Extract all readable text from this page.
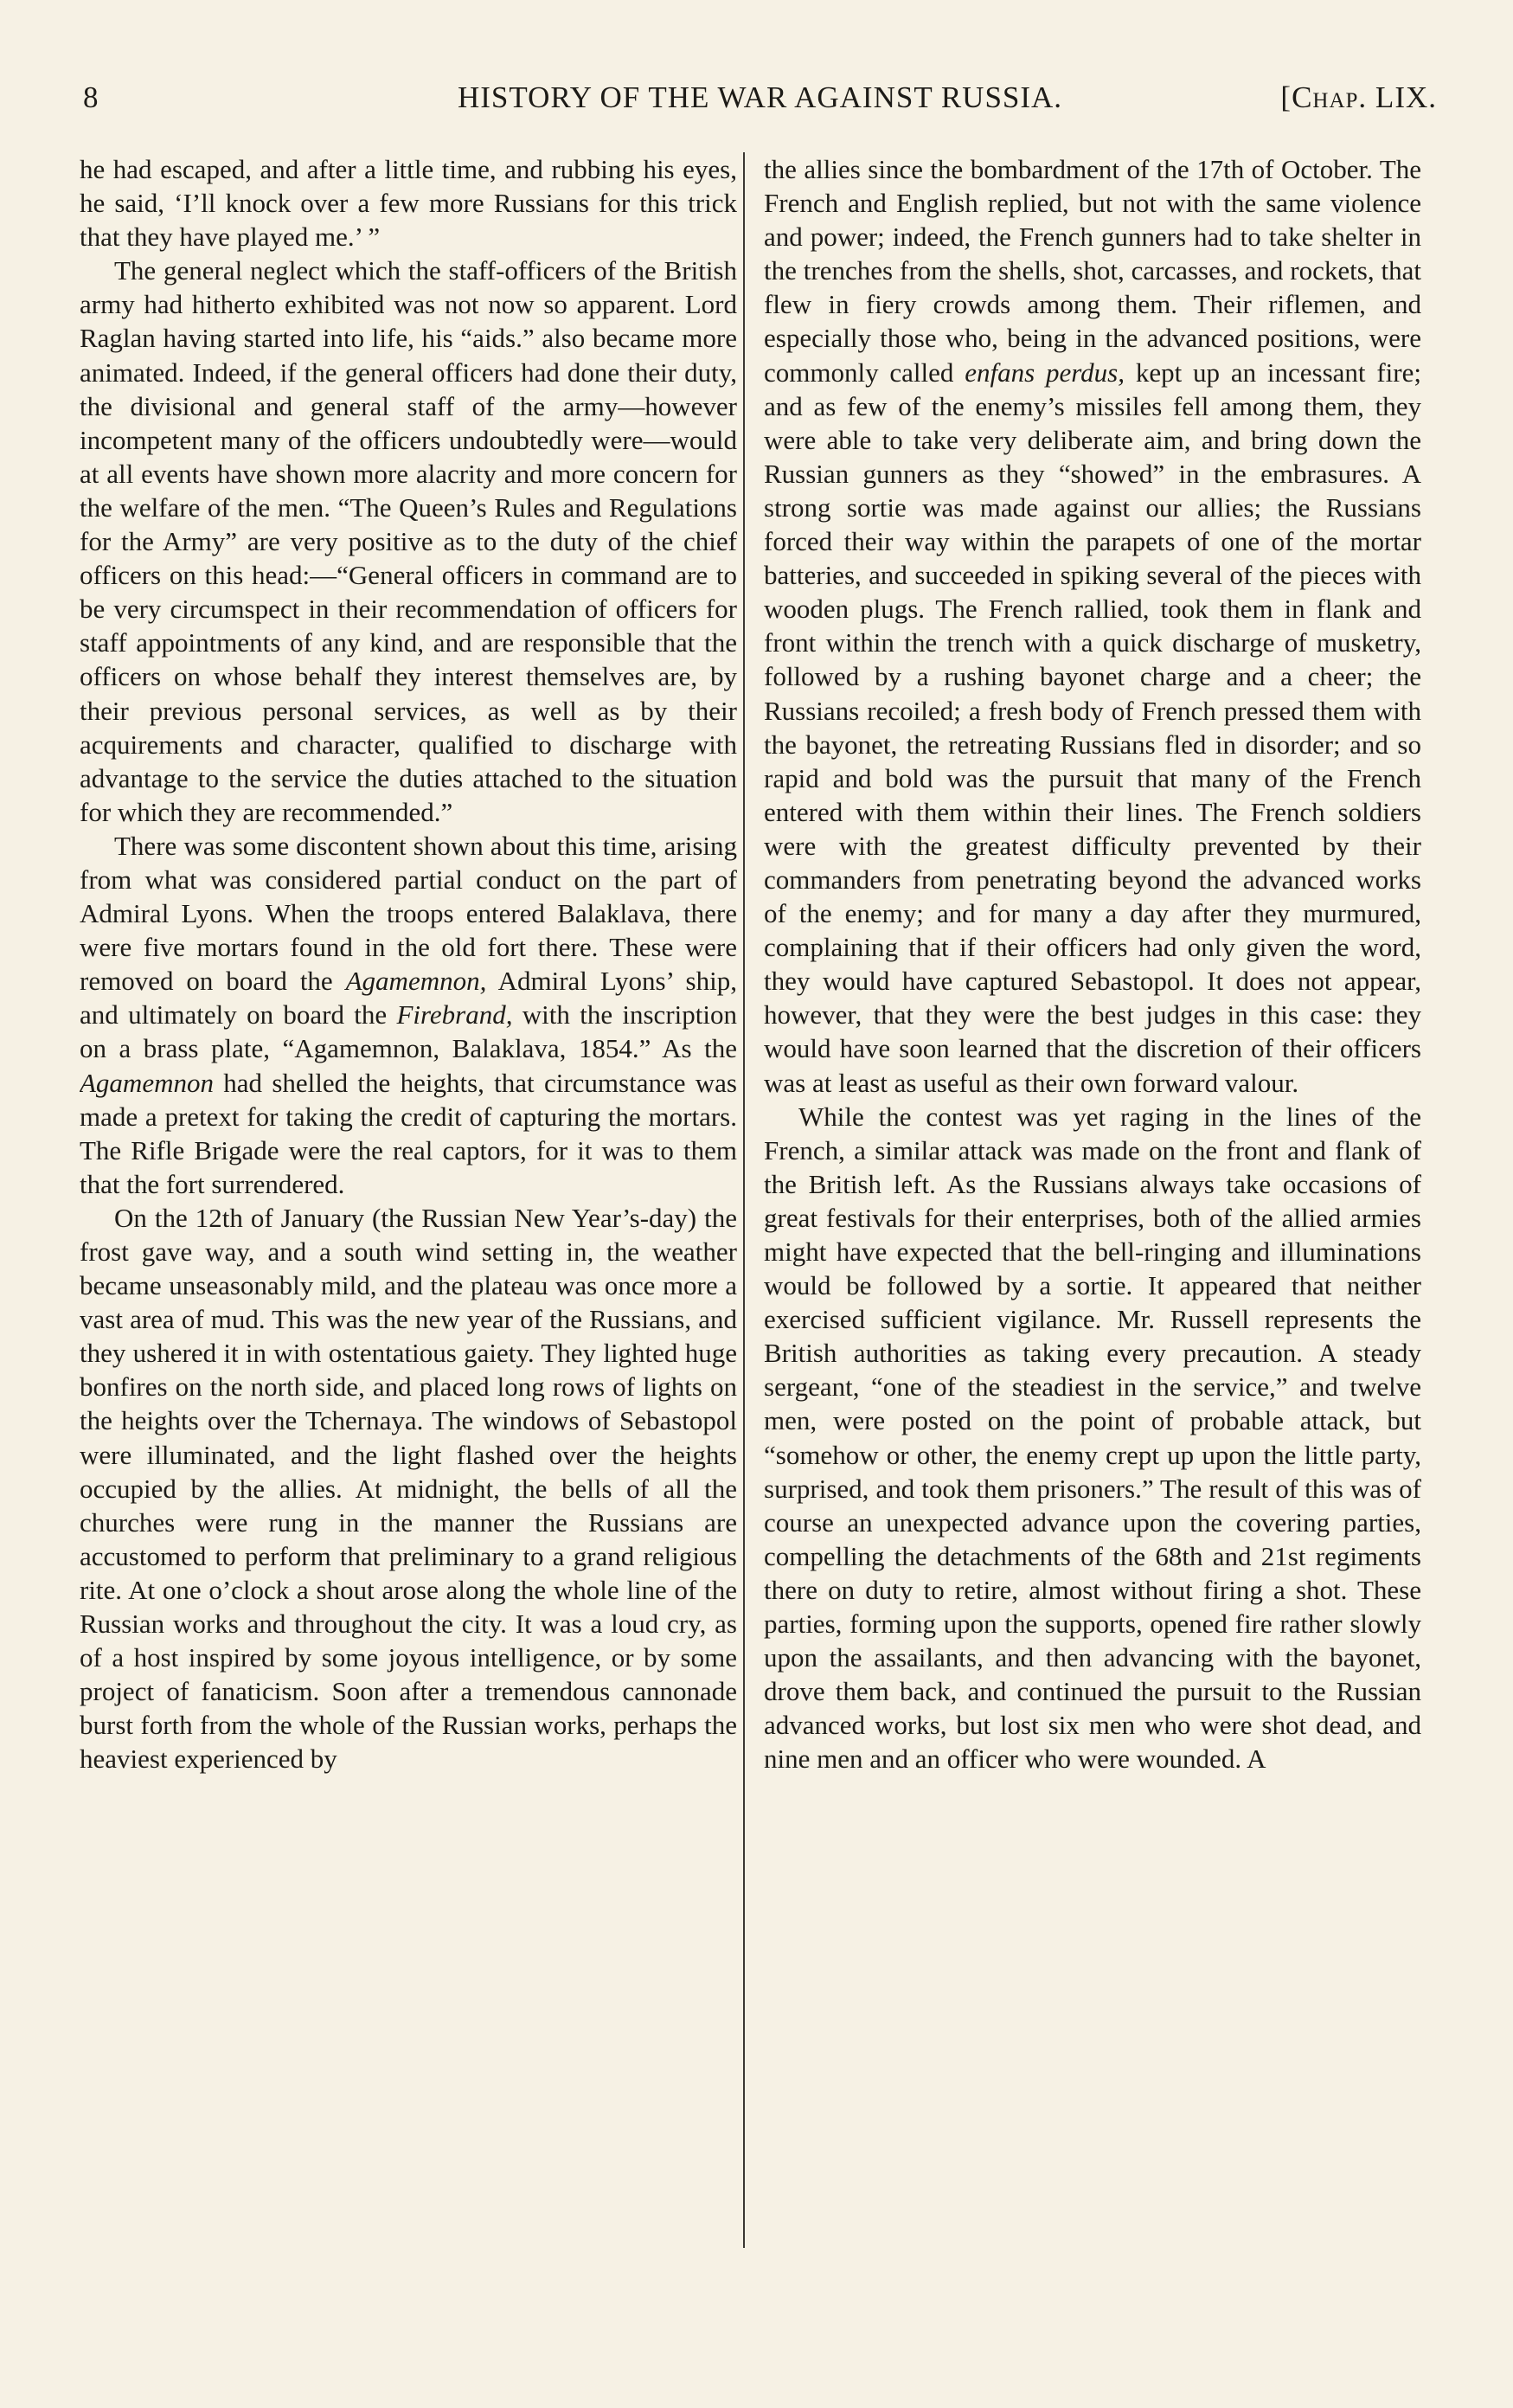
8	HISTORY OF THE WAR AGAINST RUSSIA.	[Chap. LIX.

he had escaped, and after a little time, and rubbing his eyes, he said, ‘I’ll knock over a few more Russians for this trick that they have played me.’ ”

The general neglect which the staff-officers of the British army had hitherto exhibited was not now so apparent. Lord Raglan having started into life, his “aids.” also became more animated. Indeed, if the general officers had done their duty, the divisional and general staff of the army—however incompetent many of the officers undoubtedly were—would at all events have shown more alacrity and more concern for the welfare of the men. “The Queen’s Rules and Regulations for the Army” are very positive as to the duty of the chief officers on this head:—“General officers in command are to be very circumspect in their recommendation of officers for staff appointments of any kind, and are responsible that the officers on whose behalf they interest themselves are, by their previous personal services, as well as by their acquirements and character, qualified to discharge with advantage to the service the duties attached to the situation for which they are recommended.”

There was some discontent shown about this time, arising from what was considered partial conduct on the part of Admiral Lyons. When the troops entered Balaklava, there were five mortars found in the old fort there. These were removed on board the Agamemnon, Admiral Lyons’ ship, and ultimately on board the Firebrand, with the inscription on a brass plate, “Agamemnon, Balaklava, 1854.” As the Agamemnon had shelled the heights, that circumstance was made a pretext for taking the credit of capturing the mortars. The Rifle Brigade were the real captors, for it was to them that the fort surrendered.

On the 12th of January (the Russian New Year’s-day) the frost gave way, and a south wind setting in, the weather became unseasonably mild, and the plateau was once more a vast area of mud. This was the new year of the Russians, and they ushered it in with ostentatious gaiety. They lighted huge bonfires on the north side, and placed long rows of lights on the heights over the Tchernaya. The windows of Sebastopol were illuminated, and the light flashed over the heights occupied by the allies. At midnight, the bells of all the churches were rung in the manner the Russians are accustomed to perform that preliminary to a grand religious rite. At one o’clock a shout arose along the whole line of the Russian works and throughout the city. It was a loud cry, as of a host inspired by some joyous intelligence, or by some project of fanaticism. Soon after a tremendous cannonade burst forth from the whole of the Russian works, perhaps the heaviest experienced by

the allies since the bombardment of the 17th of October. The French and English replied, but not with the same violence and power; indeed, the French gunners had to take shelter in the trenches from the shells, shot, carcasses, and rockets, that flew in fiery crowds among them. Their riflemen, and especially those who, being in the advanced positions, were commonly called enfans perdus, kept up an incessant fire; and as few of the enemy’s missiles fell among them, they were able to take very deliberate aim, and bring down the Russian gunners as they “showed” in the embrasures. A strong sortie was made against our allies; the Russians forced their way within the parapets of one of the mortar batteries, and succeeded in spiking several of the pieces with wooden plugs. The French rallied, took them in flank and front within the trench with a quick discharge of musketry, followed by a rushing bayonet charge and a cheer; the Russians recoiled; a fresh body of French pressed them with the bayonet, the retreating Russians fled in disorder; and so rapid and bold was the pursuit that many of the French entered with them within their lines. The French soldiers were with the greatest difficulty prevented by their commanders from penetrating beyond the advanced works of the enemy; and for many a day after they murmured, complaining that if their officers had only given the word, they would have captured Sebastopol. It does not appear, however, that they were the best judges in this case: they would have soon learned that the discretion of their officers was at least as useful as their own forward valour.

While the contest was yet raging in the lines of the French, a similar attack was made on the front and flank of the British left. As the Russians always take occasions of great festivals for their enterprises, both of the allied armies might have expected that the bell-ringing and illuminations would be followed by a sortie. It appeared that neither exercised sufficient vigilance. Mr. Russell represents the British authorities as taking every precaution. A steady sergeant, “one of the steadiest in the service,” and twelve men, were posted on the point of probable attack, but “somehow or other, the enemy crept up upon the little party, surprised, and took them prisoners.” The result of this was of course an unexpected advance upon the covering parties, compelling the detachments of the 68th and 21st regiments there on duty to retire, almost without firing a shot. These parties, forming upon the supports, opened fire rather slowly upon the assailants, and then advancing with the bayonet, drove them back, and continued the pursuit to the Russian advanced works, but lost six men who were shot dead, and nine men and an officer who were wounded. A
